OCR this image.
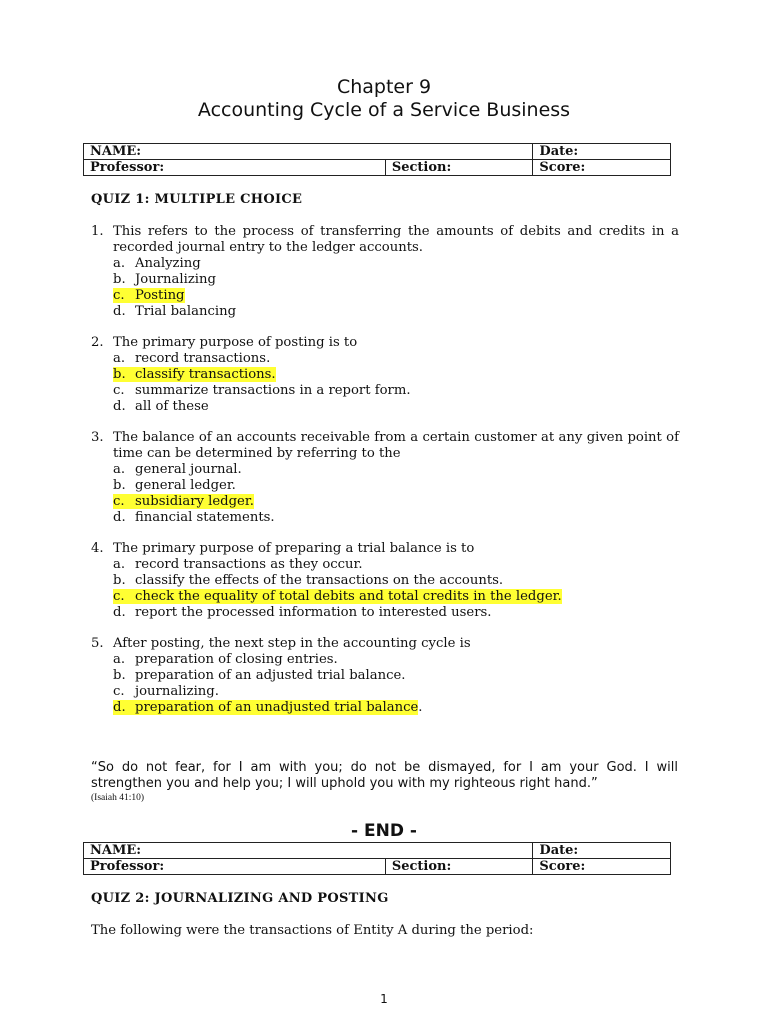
Chapter 9
Accounting Cycle of a Service Business
NAME:		Date:
Professor:	Section:	Score:
QUIZ 1: MULTIPLE CHOICE
1. This refers to the process of transferring the amounts of debits and credits in a recorded journal entry to the ledger accounts.
a. Analyzing
b. Journalizing
c. Posting
d. Trial balancing
2. The primary purpose of posting is to
a. record transactions.
b. classify transactions.
c. summarize transactions in a report form.
d. all of these
3. The balance of an accounts receivable from a certain customer at any given point of time can be determined by referring to the
a. general journal.
b. general ledger.
c. subsidiary ledger.
d. financial statements.
4. The primary purpose of preparing a trial balance is to
a. record transactions as they occur.
b. classify the effects of the transactions on the accounts.
c. check the equality of total debits and total credits in the ledger.
d. report the processed information to interested users.
5. After posting, the next step in the accounting cycle is
a. preparation of closing entries.
b. preparation of an adjusted trial balance.
c. journalizing.
d. preparation of an unadjusted trial balance.
“So do not fear, for I am with you; do not be dismayed, for I am your God. I will strengthen you and help you; I will uphold you with my righteous right hand.”
(Isaiah 41:10)
- END -
NAME:		Date:
Professor:	Section:	Score:
QUIZ 2: JOURNALIZING AND POSTING
The following were the transactions of Entity A during the period:
1
